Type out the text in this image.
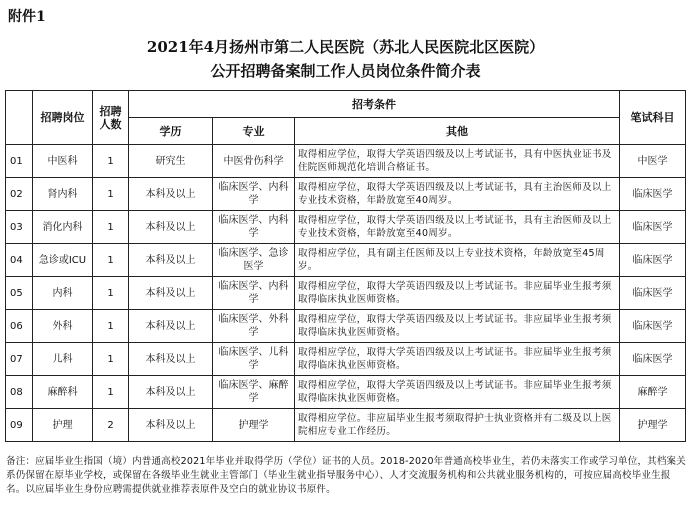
附件1
2021年4月扬州市第二人民医院（苏北人民医院北区医院）
公开招聘备案制工作人员岗位条件简介表
	招聘岗位	招聘人数	招考条件			笔试科目
			学历	专业	其他	
01	中医科	1	研究生	中医骨伤科学	取得相应学位，取得大学英语四级及以上考试证书，具有中医执业证书及住院医师规范化培训合格证书。	中医学
02	肾内科	1	本科及以上	临床医学、内科学	取得相应学位，取得大学英语四级及以上考试证书，具有主治医师及以上专业技术资格，年龄放宽至40周岁。	临床医学
03	消化内科	1	本科及以上	临床医学、内科学	取得相应学位，取得大学英语四级及以上考试证书，具有主治医师及以上专业技术资格，年龄放宽至40周岁。	临床医学
04	急诊或ICU	1	本科及以上	临床医学、急诊医学	取得相应学位，具有副主任医师及以上专业技术资格，年龄放宽至45周岁。	临床医学
05	内科	1	本科及以上	临床医学、内科学	取得相应学位，取得大学英语四级及以上考试证书。非应届毕业生报考须取得临床执业医师资格。	临床医学
06	外科	1	本科及以上	临床医学、外科学	取得相应学位，取得大学英语四级及以上考试证书。非应届毕业生报考须取得临床执业医师资格。	临床医学
07	儿科	1	本科及以上	临床医学、儿科学	取得相应学位，取得大学英语四级及以上考试证书。非应届毕业生报考须取得临床执业医师资格。	临床医学
08	麻醉科	1	本科及以上	临床医学、麻醉学	取得相应学位，取得大学英语四级及以上考试证书。非应届毕业生报考须取得临床执业医师资格。	麻醉学
09	护理	2	本科及以上	护理学	取得相应学位。非应届毕业生报考须取得护士执业资格并有二级及以上医院相应专业工作经历。	护理学
备注：应届毕业生指国（境）内普通高校2021年毕业并取得学历（学位）证书的人员。2018-2020年普通高校毕业生，若仍未落实工作或学习单位，其档案关系仍保留在原毕业学校，或保留在各级毕业生就业主管部门（毕业生就业指导服务中心）、人才交流服务机构和公共就业服务机构的，可按应届高校毕业生报名。以应届毕业生身份应聘需提供就业推荐表原件及空白的就业协议书原件。
